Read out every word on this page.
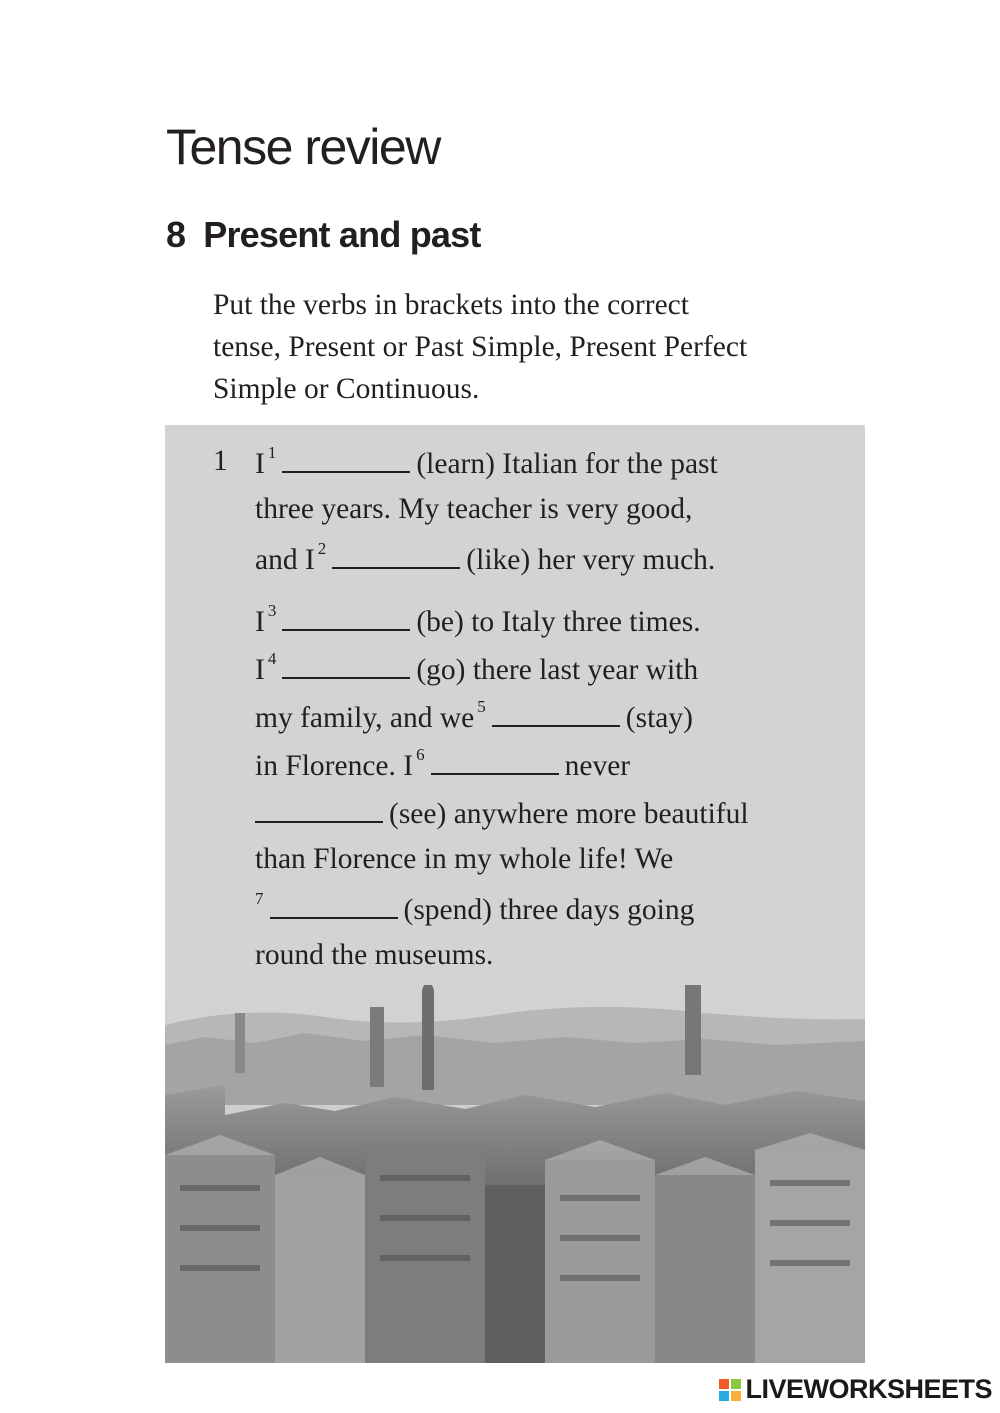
Tense review
8 Present and past
Put the verbs in brackets into the correct
tense, Present or Past Simple, Present Perfect
Simple or Continuous.
1 I $^1$	(learn) Italian for the past
three years. My teacher is very good,
and I $^2$	(like) her very much.
I $^3$	(be) to Italy three times.
I $^4$	(go) there last year with
my family, and we $^5$	(stay)
in Florence. I $^6$	never
(see) anywhere more beautiful
than Florence in my whole life! We
$^7$	(spend) three days going
round the museums.
LIVEWORKSHEETS
